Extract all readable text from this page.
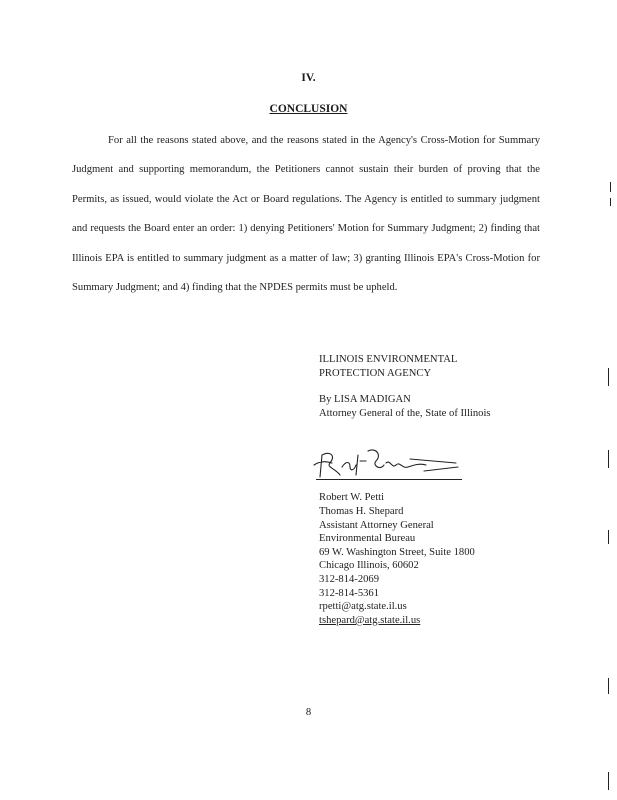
IV.
CONCLUSION

For all the reasons stated above, and the reasons stated in the Agency's Cross-Motion for Summary Judgment and supporting memorandum, the Petitioners cannot sustain their burden of proving that the Permits, as issued, would violate the Act or Board regulations. The Agency is entitled to summary judgment and requests the Board enter an order: 1) denying Petitioners' Motion for Summary Judgment; 2) finding that Illinois EPA is entitled to summary judgment as a matter of law; 3) granting Illinois EPA's Cross-Motion for Summary Judgment; and 4) finding that the NPDES permits must be upheld.

ILLINOIS ENVIRONMENTAL
PROTECTION AGENCY
By LISA MADIGAN
Attorney General of the, State of Illinois
Robert W. Petti
Thomas H. Shepard
Assistant Attorney General
Environmental Bureau
69 W. Washington Street, Suite 1800
Chicago Illinois, 60602
312-814-2069
312-814-5361
rpetti@atg.state.il.us
tshepard@atg.state.il.us
8
